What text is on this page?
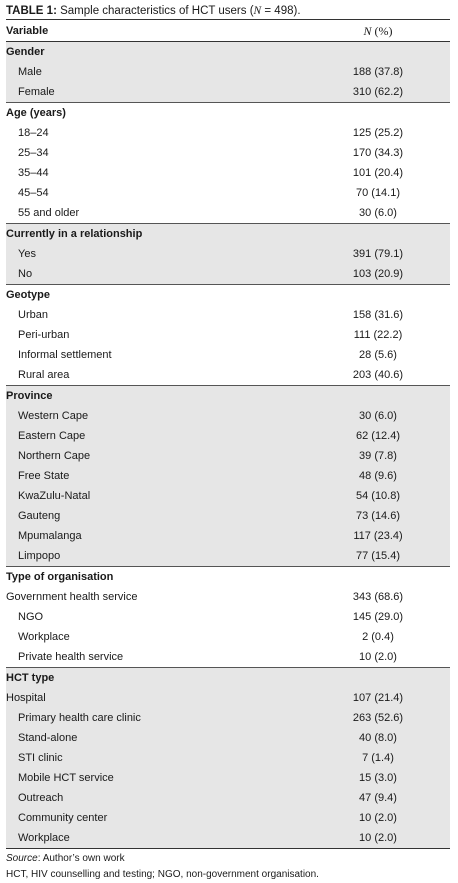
TABLE 1: Sample characteristics of HCT users (N = 498).
Variable	N (%)
Gender	
Male	188 (37.8)
Female	310 (62.2)
Age (years)	
18–24	125 (25.2)
25–34	170 (34.3)
35–44	101 (20.4)
45–54	70 (14.1)
55 and older	30 (6.0)
Currently in a relationship	
Yes	391 (79.1)
No	103 (20.9)
Geotype	
Urban	158 (31.6)
Peri-urban	111 (22.2)
Informal settlement	28 (5.6)
Rural area	203 (40.6)
Province	
Western Cape	30 (6.0)
Eastern Cape	62 (12.4)
Northern Cape	39 (7.8)
Free State	48 (9.6)
KwaZulu-Natal	54 (10.8)
Gauteng	73 (14.6)
Mpumalanga	117 (23.4)
Limpopo	77 (15.4)
Type of organisation	
Government health service	343 (68.6)
NGO	145 (29.0)
Workplace	2 (0.4)
Private health service	10 (2.0)
HCT type	
Hospital	107 (21.4)
Primary health care clinic	263 (52.6)
Stand-alone	40 (8.0)
STI clinic	7 (1.4)
Mobile HCT service	15 (3.0)
Outreach	47 (9.4)
Community center	10 (2.0)
Workplace	10 (2.0)
Source: Author’s own work
HCT, HIV counselling and testing; NGO, non-government organisation.
